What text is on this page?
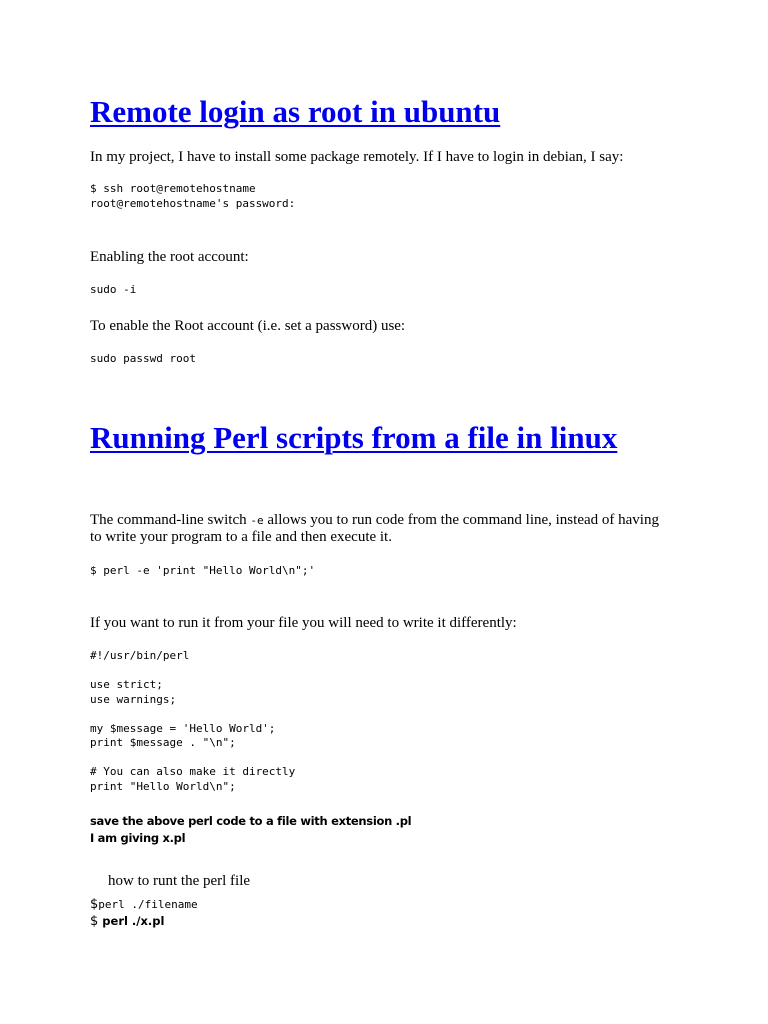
Remote login as root in ubuntu
In my project, I have to install some package remotely. If I have to login in debian, I say:
$ ssh root@remotehostname
root@remotehostname's password:
Enabling the root account:
sudo -i
To enable the Root account (i.e. set a password) use:
sudo passwd root
Running Perl scripts from a file in linux
The command-line switch -e allows you to run code from the command line, instead of having
to write your program to a file and then execute it.
$ perl -e 'print "Hello World\n";'
If you want to run it from your file you will need to write it differently:
#!/usr/bin/perl

use strict;
use warnings;

my $message = 'Hello World';
print $message . "\n";

# You can also make it directly
print "Hello World\n";
save the above perl code to a file with extension .pl
I am giving x.pl
how to runt the perl file
$perl ./filename
$ perl ./x.pl
